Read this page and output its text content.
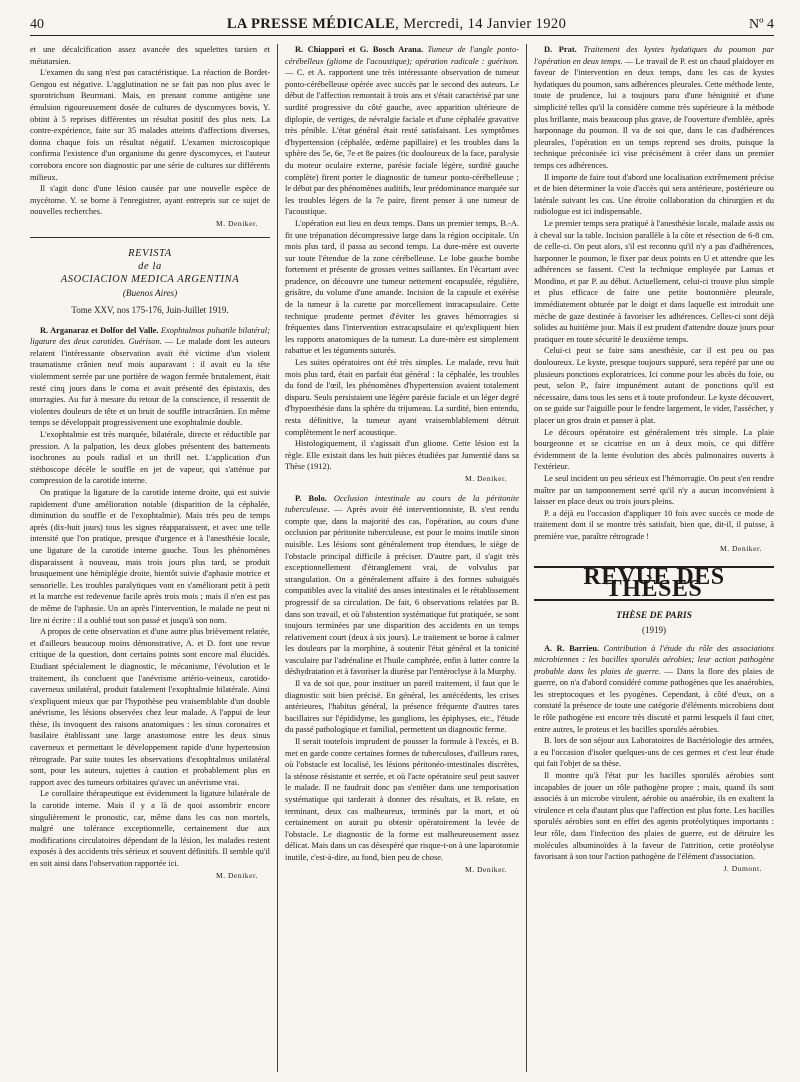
40	LA PRESSE MÉDICALE, Mercredi, 14 Janvier 1920	Nº 4

et une décalcification assez avancée des squelettes tarsien et métatarsien.

L'examen du sang n'est pas caractéristique. La réaction de Bordet-Gengou est négative. L'agglutination ne se fait pas non plus avec le sporotrichum Beurmani. Mais, en prenant comme antigène une émulsion rigoureusement dosée de cultures de dyscomyces bovis, Y. obtint à 5 reprises différentes un résultat positif des plus nets. La contre-expérience, faite sur 35 malades atteints d'affections diverses, donna chaque fois un résultat négatif. L'examen microscopique confirma l'existence d'un organisme du genre dyscomyces, et l'auteur corrobora encore son diagnostic par une série de cultures sur différents milieux.

Il s'agit donc d'une lésion causée par une nouvelle espèce de mycétome. Y. se borne à l'enregistrer, ayant entrepris sur ce sujet de nouvelles recherches.

M. Deniker.
REVISTA
de la
ASOCIACION MEDICA ARGENTINA
(Buenos Aires)
Tome XXV, nos 175-176, Juin-Juillet 1919.

R. Arganaraz et Dolfor del Valle. Exophtalmos pulsatile bilatéral; ligature des deux carotides. Guérison. — Le malade dont les auteurs relatent l'intéressante observation avait été victime d'un violent traumatisme crânien neuf mois auparavant : il avait eu la tête violemment serrée par une portière de wagon fermée brutalement, était resté cinq jours dans le coma et avait présenté des épistaxis, des otorragies. Au fur à mesure du retour de la conscience, il ressentit de violentes douleurs de tête et un bruit de souffle intracrânien. En même temps se développait progressivement une exophtalmie double.

L'exophtalmie est très marquée, bilatérale, directe et réductible par pression. A la palpation, les deux globes présentent des battements isochrones au pouls radial et un thrill net. L'application d'un stéthoscope décèle le souffle en jet de vapeur, qui s'atténue par compression de la carotide interne.

On pratique la ligature de la carotide interne droite, qui est suivie rapidement d'une amélioration notable (disparition de la céphalée, diminution du souffle et de l'exophtalmie). Mais très peu de temps après (dix-huit jours) tous les signes réapparaissent, et avec une telle intensité que l'on pratique, presque d'urgence et à l'anesthésie locale, une ligature de la carotide interne gauche. Tous les phénomènes disparaissent à nouveau, mais trois jours plus tard, se produit brusquement une hémiplégie droite, bientôt suivie d'aphasie motrice et sensorielle. Les troubles paralytiques vont en s'améliorant petit à petit et la marche est redevenue facile après trois mois ; mais il n'en est pas de même de l'aphasie. Un an après l'intervention, le malade ne peut ni lire ni écrire : il a oublié tout son passé et jusqu'à son nom.

A propos de cette observation et d'une autre plus brièvement relatée, et d'ailleurs beaucoup moins démonstrative, A. et D. font une revue critique de la question, dont certains points sont encore mal élucidés. Etudiant spécialement le diagnostic, le mécanisme, l'évolution et le traitement, ils concluent que l'anévrisme artério-veineux, carotido-caverneux unilatéral, produit fatalement l'exophtalmie bilatérale. Ainsi s'expliquent mieux que par l'hypothèse peu vraisemblable d'un double anévrisme, les lésions observées chez leur malade. A l'appui de leur thèse, ils invoquent des raisons anatomiques : les sinus coronaires et basilaire établissant une large anastomose entre les deux sinus caverneux et permettant le développement rapide d'une hypertension rétrograde. Par suite toutes les observations d'exophtalmos unilatéral sont, pour les auteurs, sujettes à caution et probablement plus en rapport avec des tumeurs orbitaires qu'avec un anévrisme vrai.

Le corollaire thérapeutique est évidemment la ligature bilatérale de la carotide interne. Mais il y a là de quoi assombrir encore singulièrement le pronostic, car, même dans les cas non mortels, malgré une tolérance exceptionnelle, certainement due aux modifications circulatoires dépendant de la lésion, les malades restent exposés à des accidents très sérieux et souvent définitifs. Il semble qu'il en soit ainsi dans l'observation rapportée ici.

M. Deniker.

R. Chiappori et G. Bosch Arana. Tumeur de l'angle ponto-cérébelleux (gliome de l'acoustique); opération radicale : guérison. — C. et A. rapportent une très intéressante observation de tumeur ponto-cérébelleuse opérée avec succès par le second des auteurs. Le début de l'affection remontait à trois ans et s'était caractérisé par une surdité progressive du côté gauche, avec apparition ultérieure de diplopie, de vertiges, de névralgie faciale et d'une céphalée gravative très pénible. L'état général était resté satisfaisant. Les symptômes d'hypertension (céphalée, œdème papillaire) et les troubles dans la sphère des 5e, 6e, 7e et 8e paires (tic douloureux de la face, paralysie du moteur oculaire externe, parésie faciale légère, surdité gauche complète) firent porter le diagnostic de tumeur ponto-cérébelleuse ; le début par des phénomènes auditifs, leur prédominance marquée sur les troubles légers de la 7e paire, firent penser à une tumeur de l'acoustique.

L'opération eut lieu en deux temps. Dans un premier temps, B.-A. fit une trépanation décompressive large dans la région occipitale. Un mois plus tard, il passa au second temps. La dure-mère est ouverte sur toute l'étendue de la zone cérébelleuse. Le lobe gauche bombe fortement et présente de grosses veines saillantes. En l'écartant avec prudence, on découvre une tumeur nettement encapsulée, régulière, grisâtre, du volume d'une amande. Incision de la capsule et exérèse de la tumeur à la curette par morcellement intracapsulaire. Cette technique prudente permet d'éviter les graves hémorragies si fréquentes dans l'intervention extracapsulaire et qu'expliquent bien les rapports anatomiques de la tumeur. La dure-mère est simplement rabattue et les téguments suturés.

Les suites opératoires ont été très simples. Le malade, revu huit mois plus tard, était en parfait état général : la céphalée, les troubles du fond de l'œil, les phénomènes d'hypertension avaient totalement disparu. Seuls persistaient une légère parésie faciale et un léger degré d'hypoesthésie dans la sphère du trijumeau. La surdité, bien entendu, resta définitive, la tumeur ayant vraisemblablement détruit complètement le nerf acoustique.

Histologiquement, il s'agissait d'un gliome. Cette lésion est la règle. Elle existait dans les huit pièces étudiées par Jumentié dans sa Thèse (1912).

M. Deniker.

P. Bolo. Occlusion intestinale au cours de la péritonite tuberculeuse. — Après avoir été interventionniste, B. s'est rendu compte que, dans la majorité des cas, l'opération, au cours d'une occlusion par péritonite tuberculeuse, est pour le moins inutile sinon nuisible. Les lésions sont généralement trop étendues, le siège de l'obstacle principal difficile à préciser. D'autre part, il s'agit très exceptionnellement d'étranglement vrai, de volvulus par strangulation. On a généralement affaire à des formes subaiguës compatibles avec la vitalité des anses intestinales et le rétablissement progressif de sa circulation. De fait, 6 observations relatées par B. dans son travail, et où l'abstention systématique fut pratiquée, se sont toujours terminées par une disparition des accidents en un temps relativement court (deux à six jours). Le traitement se borne à calmer les douleurs par la morphine, à soutenir l'état général et la tonicité vasculaire par l'adrénaline et l'huile camphrée, enfin à lutter contre la déshydratation et à favoriser la diurèse par l'entéroclyse à la Murphy.

Il va de soi que, pour instituer un pareil traitement, il faut que le diagnostic soit bien précisé. En général, les antécédents, les crises antérieures, l'habitus général, la présence fréquente d'autres tares bacillaires sur l'épididyme, les ganglions, les épiphyses, etc., l'étude du passé pathologique et familial, permettent un diagnostic ferme.

Il serait toutefois imprudent de pousser la formule à l'excès, et B. met en garde contre certaines formes de tuberculoses, d'ailleurs rares, où l'obstacle est localisé, les lésions péritonéo-intestinales discrètes, la sténose résistante et serrée, et où l'acte opératoire seul peut sauver le malade. Il ne faudrait donc pas s'entêter dans une temporisation systématique qui tarderait à donner des résultats, et B. relate, en terminant, deux cas malheureux, terminés par la mort, et où certainement on aurait pu obtenir opératoirement la levée de l'obstacle. Le diagnostic de la forme est malheureusement assez délicat. Mais dans un cas désespéré que risque-t-on à une laparotomie inutile, c'est-à-dire, au fond, bien peu de chose.

M. Deniker.

D. Prat. Traitement des kystes hydatiques du poumon par l'opération en deux temps. — Le travail de P. est un chaud plaidoyer en faveur de l'intervention en deux temps, dans les cas de kystes hydatiques du poumon, sans adhérences pleurales. Cette méthode lente, toute de prudence, lui a toujours paru d'une bénignité et d'une simplicité telles qu'il la considère comme très supérieure à la méthode plus brillante, mais beaucoup plus grave, de l'ouverture d'emblée, après harponnage du poumon. Il va de soi que, dans le cas d'adhérences pleurales, l'opération en un temps reprend ses droits, puisque la technique préconisée ici vise précisément à créer dans un premier temps ces adhérences.

Il importe de faire tout d'abord une localisation extrêmement précise et de bien déterminer la voie d'accès qui sera antérieure, postérieure ou latérale suivant les cas. Une étroite collaboration du chirurgien et du radiologue est ici indispensable.

Le premier temps sera pratiqué à l'anesthésie locale, malade assis ou à cheval sur la table. Incision parallèle à la côte et résection de 6-8 cm. de celle-ci. On peut alors, s'il est reconnu qu'il n'y a pas d'adhérences, harponner le poumon, le fixer par deux points en U et attendre que les adhérences se fassent. C'est la technique employée par Lamas et Mondino, et par P. au début. Actuellement, celui-ci trouve plus simple et plus efficace de faire une petite boutonnière pleurale, immédiatement obturée par le doigt et dans laquelle est introduit une mèche de gaze destinée à favoriser les adhérences. Celles-ci sont déjà solides au huitième jour. Mais il est prudent d'attendre douze jours pour pratiquer en toute sécurité le deuxième temps.

Celui-ci peut se faire sans anesthésie, car il est peu ou pas douloureux. Le kyste, presque toujours suppuré, sera repéré par une ou plusieurs ponctions exploratrices. Ici comme pour les abcès du foie, ou peut, selon P., faire impunément autant de ponctions qu'il est nécessaire, dans tous les sens et à toute profondeur. Le kyste découvert, on se guide sur l'aiguille pour le fendre largement, le vider, l'assécher, y placer un gros drain et panser à plat.

Le décours opératoire est généralement très simple. La plaie bourgeonne et se cicatrise en un à deux mois, ce qui diffère évidemment de la lente évolution des abcès pulmonaires ouverts à l'extérieur.

Le seul incident un peu sérieux est l'hémorragie. On peut s'en rendre maître par un tamponnement serré qu'il n'y a aucun inconvénient à laisser en place deux ou trois jours pleins.

P. a déjà eu l'occasion d'appliquer 10 fois avec succès ce mode de traitement dont il se montre très satisfait, bien que, dit-il, il puisse, à première vue, paraître rétrograde !

M. Deniker.
REVUE DES THÈSES
THÈSE DE PARIS
(1919)

A. R. Barrieu. Contribution à l'étude du rôle des associations microbiennes : les bacilles sporulés aérobies; leur action pathogène probable dans les plaies de guerre. — Dans la flore des plaies de guerre, on n'a d'abord considéré comme pathogènes que les anaérobies, les streptocoques et les pyogènes. Cependant, à côté d'eux, on a constaté la présence de toute une catégorie d'éléments microbiens dont le rôle pathogène est encore très discuté et parmi lesquels il faut citer, entre autres, le proteus et les bacilles sporulés aérobies.

B. lors de son séjour aux Laboratoires de Bactériologie des armées, a eu l'occasion d'isoler quelques-uns de ces germes et c'est leur étude qui fait l'objet de sa thèse.

Il montre qu'à l'état pur les bacilles sporulés aérobies sont incapables de jouer un rôle pathogène propre ; mais, quand ils sont associés à un microbe virulent, aérobie ou anaérobie, ils en exaltent la virulence et cela d'autant plus que l'affection est plus forte. Les bacilles sporulés aérobies sont en effet des agents protéolytiques importants : leur rôle, dans l'infection des plaies de guerre, est de détruire les molécules albuminoïdes à la faveur de l'attrition, cette protéolyse favorisant à son tour l'action pathogène de l'élément d'association.

J. Dumont.
